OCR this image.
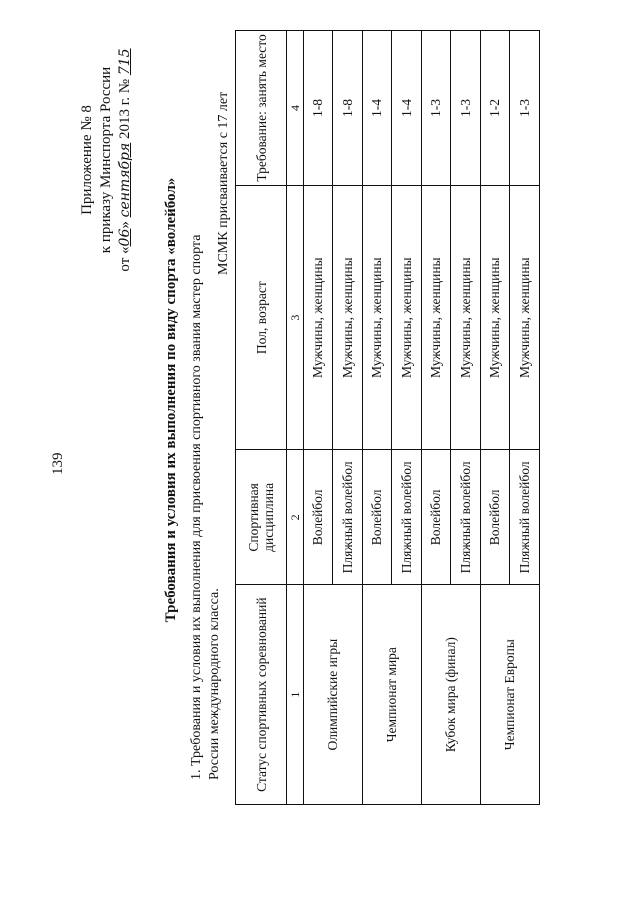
139
Приложение № 8 к приказу Минспорта России
от «06» сентября 2013 г. № 715
Требования и условия их выполнения по виду спорта «волейбол» 1. Требования и условия их выполнения для присвоения спортивного звания мастер спорта России международного класса.
МСМК присваивается с 17 лет
Статус спортивных соревнований	Спортивная дисциплина	Пол, возраст	Требование: занять место
1	2	3	4
Олимпийские игры	Волейбол	Мужчины, женщины	1-8
	Пляжный волейбол	Мужчины, женщины	1-8
Чемпионат мира	Волейбол	Мужчины, женщины	1-4
	Пляжный волейбол	Мужчины, женщины	1-4
Кубок мира (финал)	Волейбол	Мужчины, женщины	1-3
	Пляжный волейбол	Мужчины, женщины	1-3
Чемпионат Европы	Волейбол	Мужчины, женщины	1-2
	Пляжный волейбол	Мужчины, женщины	1-3
